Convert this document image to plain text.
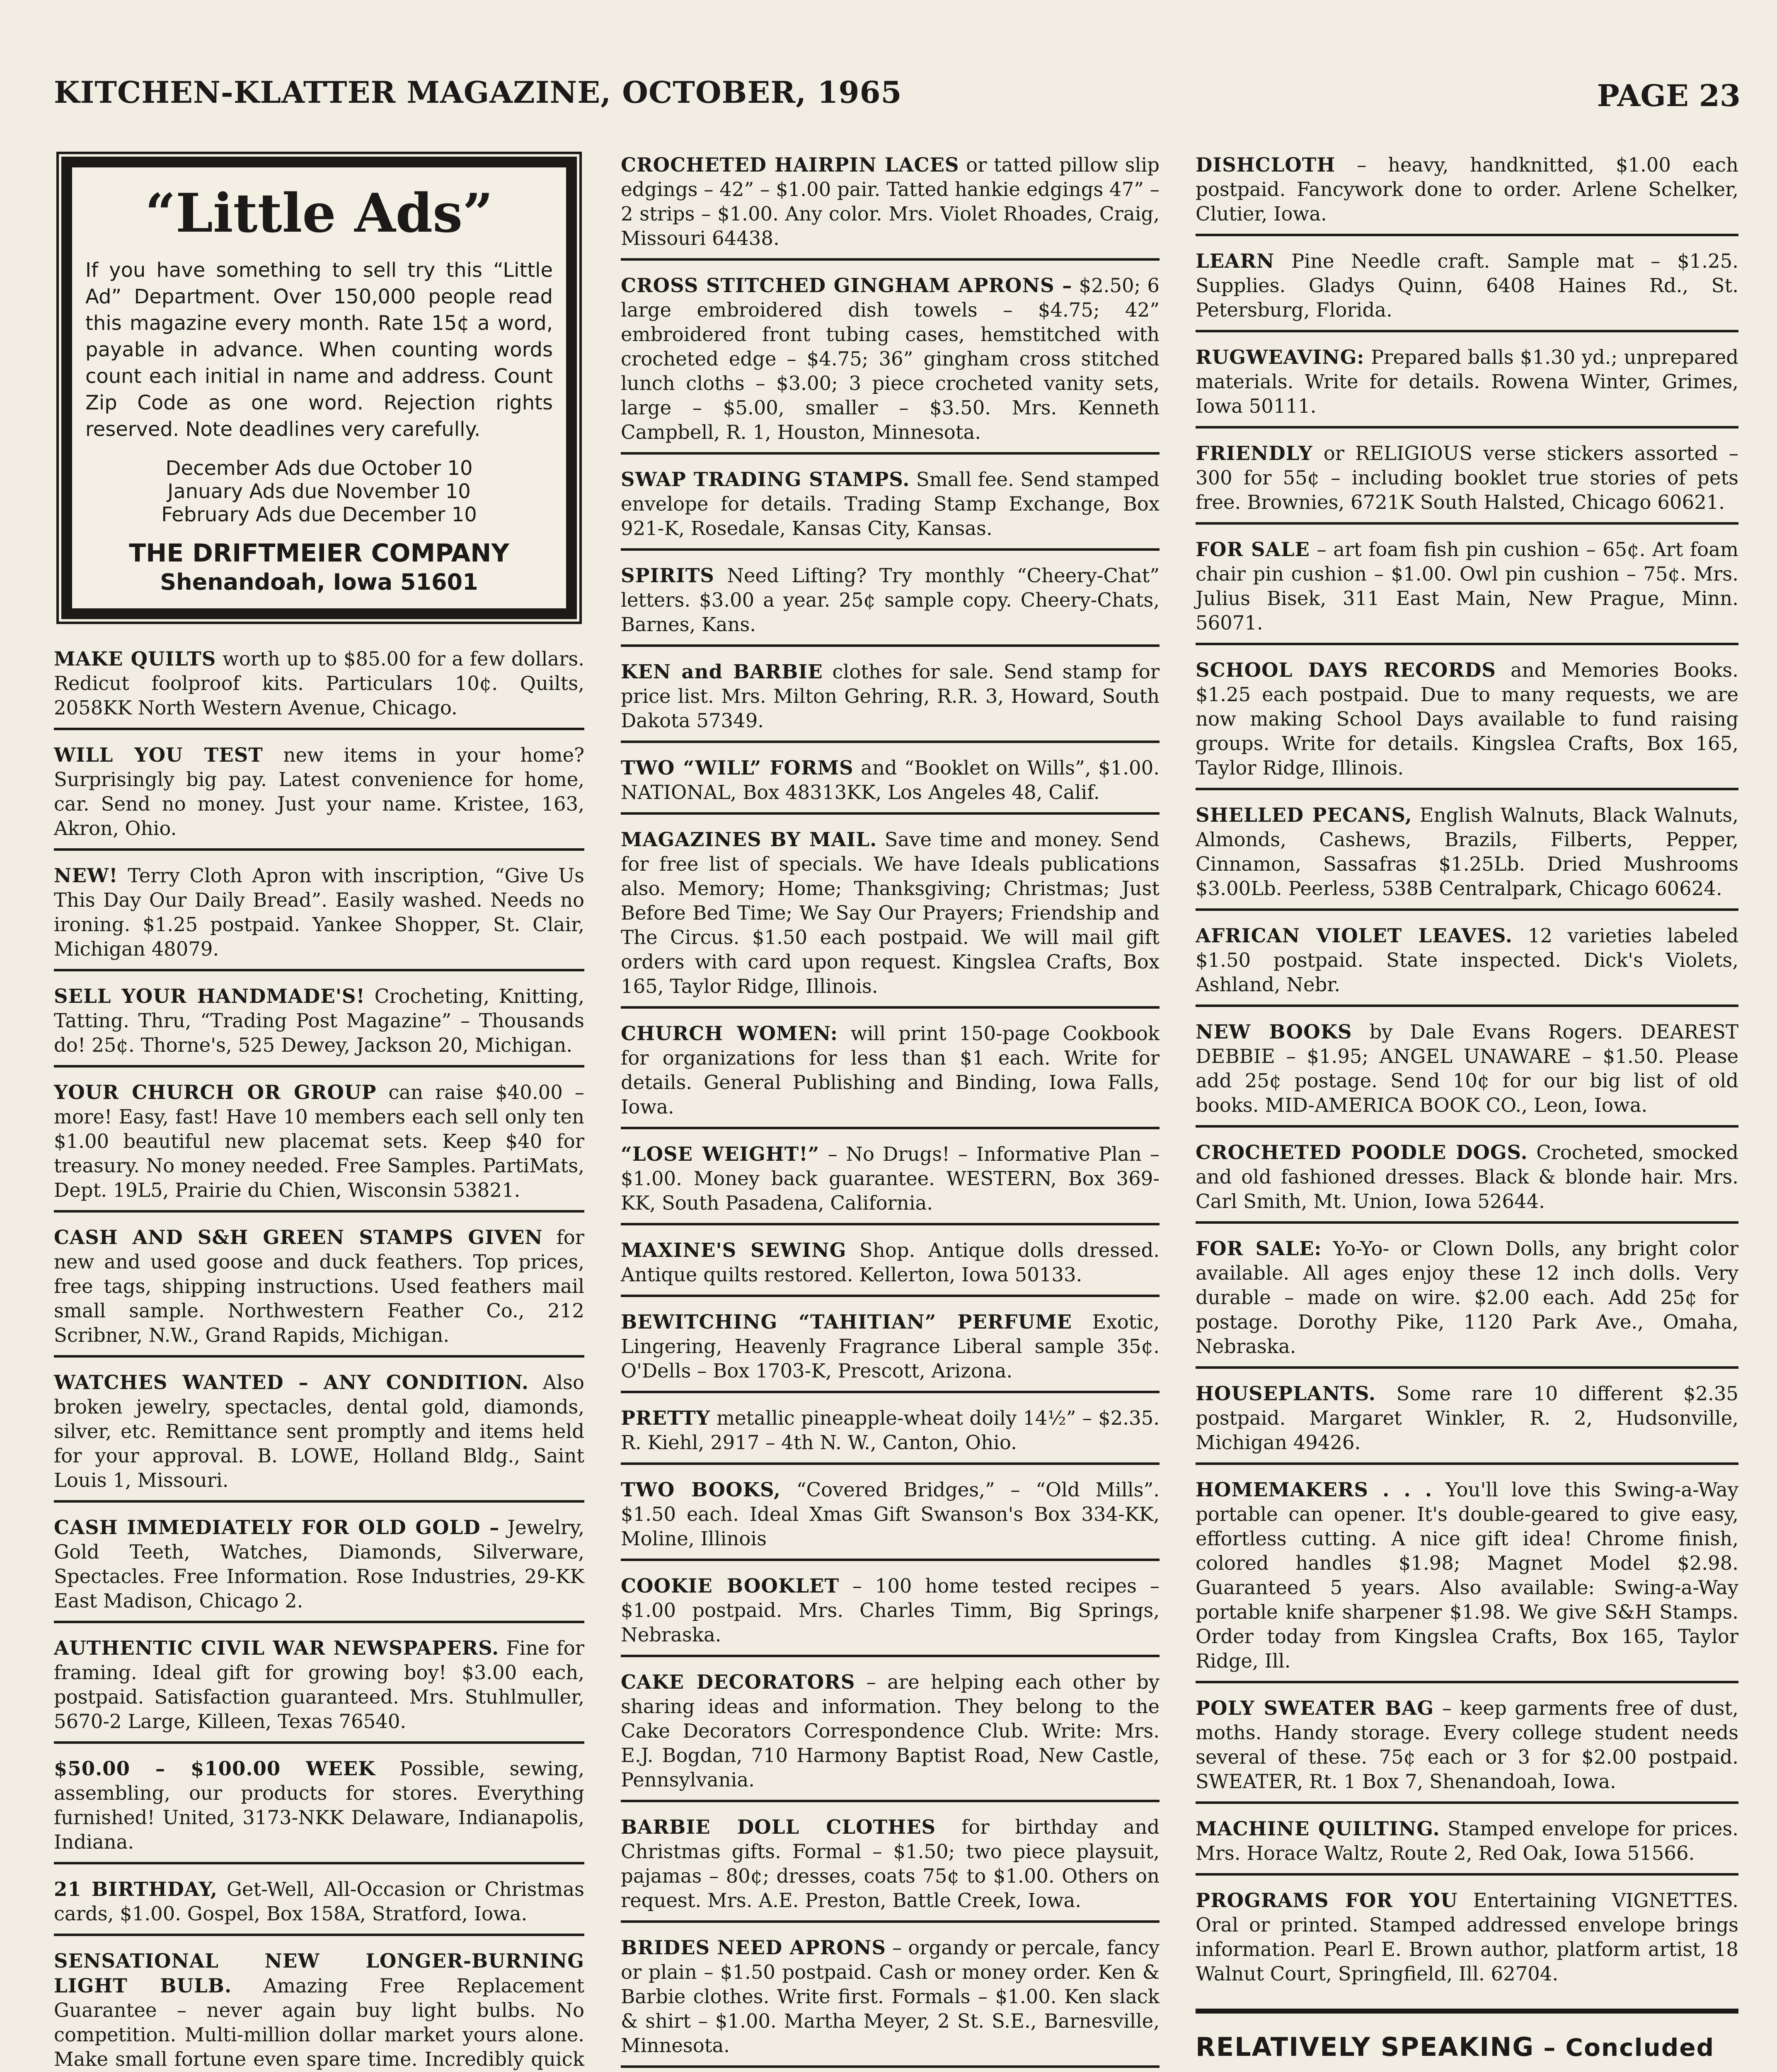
KITCHEN-KLATTER MAGAZINE, OCTOBER, 1965	PAGE 23
“Little Ads”
If you have something to sell try this “Little Ad” Department. Over 150,000 people read this magazine every month. Rate 15¢ a word, payable in advance. When counting words count each initial in name and address. Count Zip Code as one word. Rejection rights reserved. Note deadlines very carefully.
December Ads due October 10
January Ads due November 10
February Ads due December 10
THE DRIFTMEIER COMPANY
Shenandoah, Iowa 51601
MAKE QUILTS worth up to $85.00 for a few dollars. Redicut foolproof kits. Particulars 10¢. Quilts, 2058KK North Western Avenue, Chicago.
WILL YOU TEST new items in your home? Surprisingly big pay. Latest convenience for home, car. Send no money. Just your name. Kristee, 163, Akron, Ohio.
NEW! Terry Cloth Apron with inscription, “Give Us This Day Our Daily Bread”. Easily washed. Needs no ironing. $1.25 postpaid. Yankee Shopper, St. Clair, Michigan 48079.
SELL YOUR HANDMADE'S! Crocheting, Knitting, Tatting. Thru, “Trading Post Magazine” – Thousands do! 25¢. Thorne's, 525 Dewey, Jackson 20, Michigan.
YOUR CHURCH OR GROUP can raise $40.00 – more! Easy, fast! Have 10 members each sell only ten $1.00 beautiful new placemat sets. Keep $40 for treasury. No money needed. Free Samples. PartiMats, Dept. 19L5, Prairie du Chien, Wisconsin 53821.
CASH AND S&H GREEN STAMPS GIVEN for new and used goose and duck feathers. Top prices, free tags, shipping instructions. Used feathers mail small sample. Northwestern Feather Co., 212 Scribner, N.W., Grand Rapids, Michigan.
WATCHES WANTED – ANY CONDITION. Also broken jewelry, spectacles, dental gold, diamonds, silver, etc. Remittance sent promptly and items held for your approval. B. LOWE, Holland Bldg., Saint Louis 1, Missouri.
CASH IMMEDIATELY FOR OLD GOLD – Jewelry, Gold Teeth, Watches, Diamonds, Silverware, Spectacles. Free Information. Rose Industries, 29-KK East Madison, Chicago 2.
AUTHENTIC CIVIL WAR NEWSPAPERS. Fine for framing. Ideal gift for growing boy! $3.00 each, postpaid. Satisfaction guaranteed. Mrs. Stuhlmuller, 5670-2 Large, Killeen, Texas 76540.
$50.00 – $100.00 WEEK Possible, sewing, assembling, our products for stores. Everything furnished! United, 3173-NKK Delaware, Indianapolis, Indiana.
21 BIRTHDAY, Get-Well, All-Occasion or Christmas cards, $1.00. Gospel, Box 158A, Stratford, Iowa.
SENSATIONAL NEW LONGER-BURNING LIGHT BULB. Amazing Free Replacement Guarantee – never again buy light bulbs. No competition. Multi-million dollar market yours alone. Make small fortune even spare time. Incredibly quick
CROCHETED HAIRPIN LACES or tatted pillow slip edgings – 42” – $1.00 pair. Tatted hankie edgings 47” – 2 strips – $1.00. Any color. Mrs. Violet Rhoades, Craig, Missouri 64438.
CROSS STITCHED GINGHAM APRONS – $2.50; 6 large embroidered dish towels – $4.75; 42” embroidered front tubing cases, hemstitched with crocheted edge – $4.75; 36” gingham cross stitched lunch cloths – $3.00; 3 piece crocheted vanity sets, large – $5.00, smaller – $3.50. Mrs. Kenneth Campbell, R. 1, Houston, Minnesota.
SWAP TRADING STAMPS. Small fee. Send stamped envelope for details. Trading Stamp Exchange, Box 921-K, Rosedale, Kansas City, Kansas.
SPIRITS Need Lifting? Try monthly “Cheery-Chat” letters. $3.00 a year. 25¢ sample copy. Cheery-Chats, Barnes, Kans.
KEN and BARBIE clothes for sale. Send stamp for price list. Mrs. Milton Gehring, R.R. 3, Howard, South Dakota 57349.
TWO “WILL” FORMS and “Booklet on Wills”, $1.00. NATIONAL, Box 48313KK, Los Angeles 48, Calif.
MAGAZINES BY MAIL. Save time and money. Send for free list of specials. We have Ideals publications also. Memory; Home; Thanksgiving; Christmas; Just Before Bed Time; We Say Our Prayers; Friendship and The Circus. $1.50 each postpaid. We will mail gift orders with card upon request. Kingslea Crafts, Box 165, Taylor Ridge, Illinois.
CHURCH WOMEN: will print 150-page Cookbook for organizations for less than $1 each. Write for details. General Publishing and Binding, Iowa Falls, Iowa.
“LOSE WEIGHT!” – No Drugs! – Informative Plan – $1.00. Money back guarantee. WESTERN, Box 369-KK, South Pasadena, California.
MAXINE'S SEWING Shop. Antique dolls dressed. Antique quilts restored. Kellerton, Iowa 50133.
BEWITCHING “TAHITIAN” PERFUME Exotic, Lingering, Heavenly Fragrance Liberal sample 35¢. O'Dells – Box 1703-K, Prescott, Arizona.
PRETTY metallic pineapple-wheat doily 14½” – $2.35. R. Kiehl, 2917 – 4th N. W., Canton, Ohio.
TWO BOOKS, “Covered Bridges,” – “Old Mills”. $1.50 each. Ideal Xmas Gift Swanson's Box 334-KK, Moline, Illinois
COOKIE BOOKLET – 100 home tested recipes – $1.00 postpaid. Mrs. Charles Timm, Big Springs, Nebraska.
CAKE DECORATORS – are helping each other by sharing ideas and information. They belong to the Cake Decorators Correspondence Club. Write: Mrs. E.J. Bogdan, 710 Harmony Baptist Road, New Castle, Pennsylvania.
BARBIE DOLL CLOTHES for birthday and Christmas gifts. Formal – $1.50; two piece playsuit, pajamas – 80¢; dresses, coats 75¢ to $1.00. Others on request. Mrs. A.E. Preston, Battle Creek, Iowa.
BRIDES NEED APRONS – organdy or percale, fancy or plain – $1.50 postpaid. Cash or money order. Ken & Barbie clothes. Write first. Formals – $1.00. Ken slack & shirt – $1.00. Martha Meyer, 2 St. S.E., Barnesville, Minnesota.
DISHCLOTH – heavy, handknitted, $1.00 each postpaid. Fancywork done to order. Arlene Schelker, Clutier, Iowa.
LEARN Pine Needle craft. Sample mat – $1.25. Supplies. Gladys Quinn, 6408 Haines Rd., St. Petersburg, Florida.
RUGWEAVING: Prepared balls $1.30 yd.; unprepared materials. Write for details. Rowena Winter, Grimes, Iowa 50111.
FRIENDLY or RELIGIOUS verse stickers assorted – 300 for 55¢ – including booklet true stories of pets free. Brownies, 6721K South Halsted, Chicago 60621.
FOR SALE – art foam fish pin cushion – 65¢. Art foam chair pin cushion – $1.00. Owl pin cushion – 75¢. Mrs. Julius Bisek, 311 East Main, New Prague, Minn. 56071.
SCHOOL DAYS RECORDS and Memories Books. $1.25 each postpaid. Due to many requests, we are now making School Days available to fund raising groups. Write for details. Kingslea Crafts, Box 165, Taylor Ridge, Illinois.
SHELLED PECANS, English Walnuts, Black Walnuts, Almonds, Cashews, Brazils, Filberts, Pepper, Cinnamon, Sassafras $1.25Lb. Dried Mushrooms $3.00Lb. Peerless, 538B Centralpark, Chicago 60624.
AFRICAN VIOLET LEAVES. 12 varieties labeled $1.50 postpaid. State inspected. Dick's Violets, Ashland, Nebr.
NEW BOOKS by Dale Evans Rogers. DEAREST DEBBIE – $1.95; ANGEL UNAWARE – $1.50. Please add 25¢ postage. Send 10¢ for our big list of old books. MID-AMERICA BOOK CO., Leon, Iowa.
CROCHETED POODLE DOGS. Crocheted, smocked and old fashioned dresses. Black & blonde hair. Mrs. Carl Smith, Mt. Union, Iowa 52644.
FOR SALE: Yo-Yo- or Clown Dolls, any bright color available. All ages enjoy these 12 inch dolls. Very durable – made on wire. $2.00 each. Add 25¢ for postage. Dorothy Pike, 1120 Park Ave., Omaha, Nebraska.
HOUSEPLANTS. Some rare 10 different $2.35 postpaid. Margaret Winkler, R. 2, Hudsonville, Michigan 49426.
HOMEMAKERS . . . You'll love this Swing-a-Way portable can opener. It's double-geared to give easy, effortless cutting. A nice gift idea! Chrome finish, colored handles $1.98; Magnet Model $2.98. Guaranteed 5 years. Also available: Swing-a-Way portable knife sharpener $1.98. We give S&H Stamps. Order today from Kingslea Crafts, Box 165, Taylor Ridge, Ill.
POLY SWEATER BAG – keep garments free of dust, moths. Handy storage. Every college student needs several of these. 75¢ each or 3 for $2.00 postpaid. SWEATER, Rt. 1 Box 7, Shenandoah, Iowa.
MACHINE QUILTING. Stamped envelope for prices. Mrs. Horace Waltz, Route 2, Red Oak, Iowa 51566.
PROGRAMS FOR YOU Entertaining VIGNETTES. Oral or printed. Stamped addressed envelope brings information. Pearl E. Brown author, platform artist, 18 Walnut Court, Springfield, Ill. 62704.
RELATIVELY SPEAKING – Concluded
